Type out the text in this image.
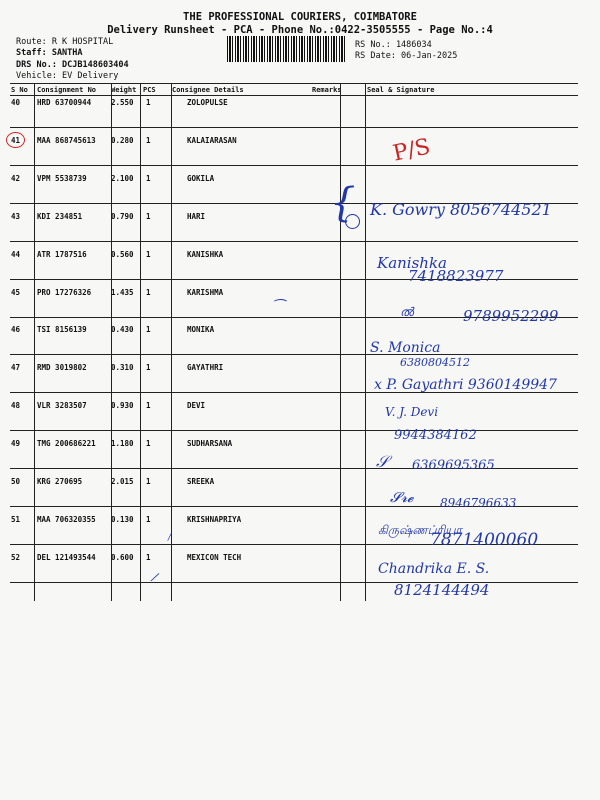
THE PROFESSIONAL COURIERS, COIMBATORE
Delivery Runsheet - PCA - Phone No.:0422-3505555 - Page No.:4
Route: R K HOSPITAL
Staff: SANTHA
DRS No.: DCJB148603404
Vehicle: EV Delivery
RS No.: 1486034
RS Date: 06-Jan-2025
S No Consignment No Weight PCS Consignee Details	Remarks	Seal & Signature
40 HRD 63700944	2.550 1	ZOLOPULSE
41 MAA 868745613 0.280 1	KALAIARASAN
42 VPM 5538739	2.100 1	GOKILA
43 KDI 234851	0.790 1	HARI
44 ATR 1787516	0.560 1	KANISHKA
45 PRO 17276326	1.435 1	KARISHMA
46 TSI 8156139	0.430 1	MONIKA
47 RMD 3019802	0.310 1	GAYATHRI
48 VLR 3283507	0.930 1	DEVI
49 TMG 200686221 1.180 1	SUDHARSANA
50 KRG 270695	2.015 1	SREEKA
51 MAA 706320355 0.130 1	KRISHNAPRIYA
52 DEL 121493544 0.600 1	MEXICON TECH
P/S
{ K. Gowry 8056744521
Kanishka
7418823977
⁀	ൽ	9789952299
S. Monica
6380804512
x P. Gayathri 9360149947
V. J. Devi
9944384162
𝒮 6369695365
𝓢𝓻𝓮 8946796633
கிருஷ்ணப்ரியா
7871400060
Chandrika E. S.
8124144494
/
/
